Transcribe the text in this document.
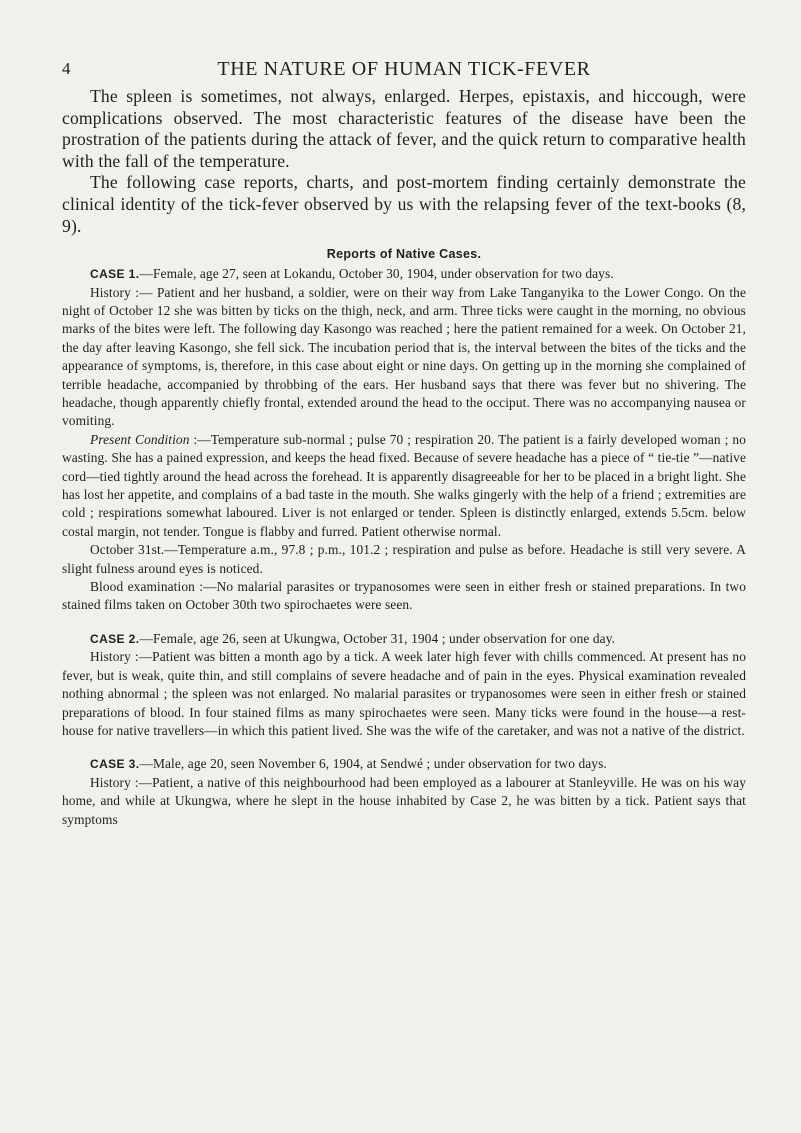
4	THE NATURE OF HUMAN TICK-FEVER

The spleen is sometimes, not always, enlarged. Herpes, epistaxis, and hiccough, were complications observed. The most characteristic features of the disease have been the prostration of the patients during the attack of fever, and the quick return to comparative health with the fall of the temperature.

The following case reports, charts, and post-mortem finding certainly demonstrate the clinical identity of the tick-fever observed by us with the relapsing fever of the text-books (8, 9).

Reports of Native Cases.

CASE 1.—Female, age 27, seen at Lokandu, October 30, 1904, under observation for two days.

History :— Patient and her husband, a soldier, were on their way from Lake Tanganyika to the Lower Congo. On the night of October 12 she was bitten by ticks on the thigh, neck, and arm. Three ticks were caught in the morning, no obvious marks of the bites were left. The following day Kasongo was reached ; here the patient remained for a week. On October 21, the day after leaving Kasongo, she fell sick. The incubation period that is, the interval between the bites of the ticks and the appearance of symptoms, is, therefore, in this case about eight or nine days. On getting up in the morning she complained of terrible headache, accompanied by throbbing of the ears. Her husband says that there was fever but no shivering. The headache, though apparently chiefly frontal, extended around the head to the occiput. There was no accompanying nausea or vomiting.

Present Condition :—Temperature sub-normal ; pulse 70 ; respiration 20. The patient is a fairly developed woman ; no wasting. She has a pained expression, and keeps the head fixed. Because of severe headache has a piece of “ tie-tie ”—native cord—tied tightly around the head across the forehead. It is apparently disagreeable for her to be placed in a bright light. She has lost her appetite, and complains of a bad taste in the mouth. She walks gingerly with the help of a friend ; extremities are cold ; respirations somewhat laboured. Liver is not enlarged or tender. Spleen is distinctly enlarged, extends 5.5cm. below costal margin, not tender. Tongue is flabby and furred. Patient otherwise normal.

October 31st.—Temperature a.m., 97.8 ; p.m., 101.2 ; respiration and pulse as before. Headache is still very severe. A slight fulness around eyes is noticed.

Blood examination :—No malarial parasites or trypanosomes were seen in either fresh or stained preparations. In two stained films taken on October 30th two spirochaetes were seen.

CASE 2.—Female, age 26, seen at Ukungwa, October 31, 1904 ; under observation for one day.

History :—Patient was bitten a month ago by a tick. A week later high fever with chills commenced. At present has no fever, but is weak, quite thin, and still complains of severe headache and of pain in the eyes. Physical examination revealed nothing abnormal ; the spleen was not enlarged. No malarial parasites or trypanosomes were seen in either fresh or stained preparations of blood. In four stained films as many spirochaetes were seen. Many ticks were found in the house—a rest-house for native travellers—in which this patient lived. She was the wife of the caretaker, and was not a native of the district.

CASE 3.—Male, age 20, seen November 6, 1904, at Sendwé ; under observation for two days.

History :—Patient, a native of this neighbourhood had been employed as a labourer at Stanleyville. He was on his way home, and while at Ukungwa, where he slept in the house inhabited by Case 2, he was bitten by a tick. Patient says that symptoms
